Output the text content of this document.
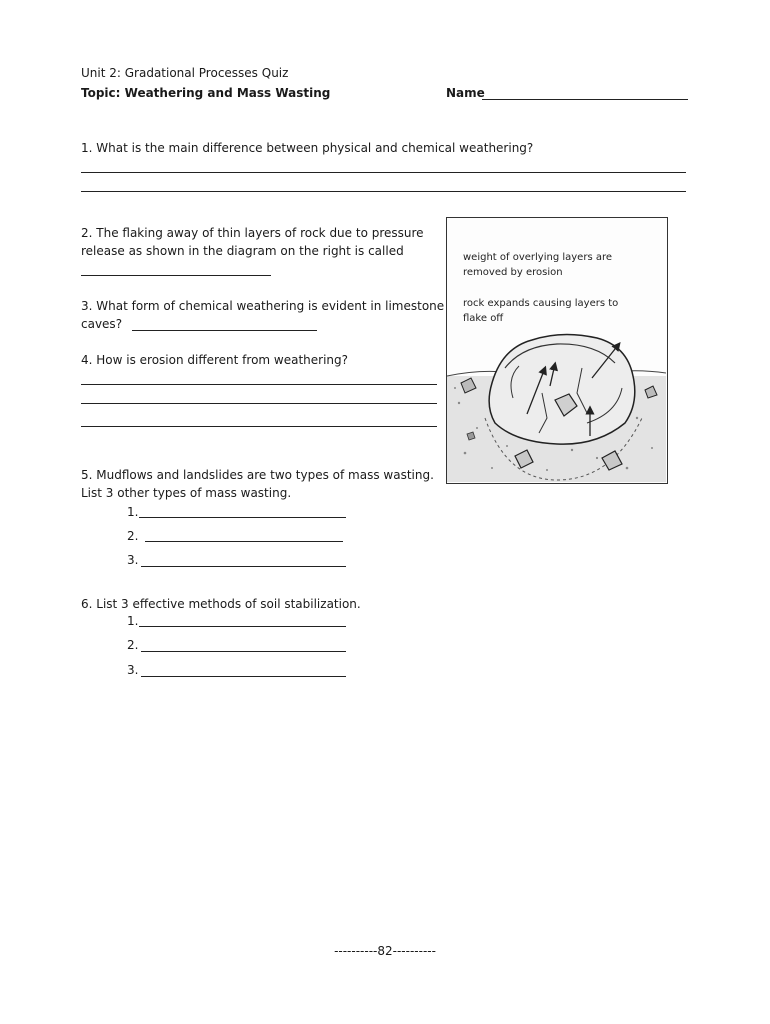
Unit 2: Gradational Processes Quiz
Topic: Weathering and Mass Wasting	Name
1. What is the main difference between physical and chemical weathering?
2. The flaking away of thin layers of rock due to pressure
release as shown in the diagram on the right is called
3. What form of chemical weathering is evident in limestone
caves?
4. How is erosion different from weathering?
weight of overlying layers are
removed by erosion
rock expands causing layers to
flake off
5. Mudflows and landslides are two types of mass wasting.
List 3 other types of mass wasting.
1.
2.
3.
6. List 3 effective methods of soil stabilization.
1.
2.
3.
----------82----------
